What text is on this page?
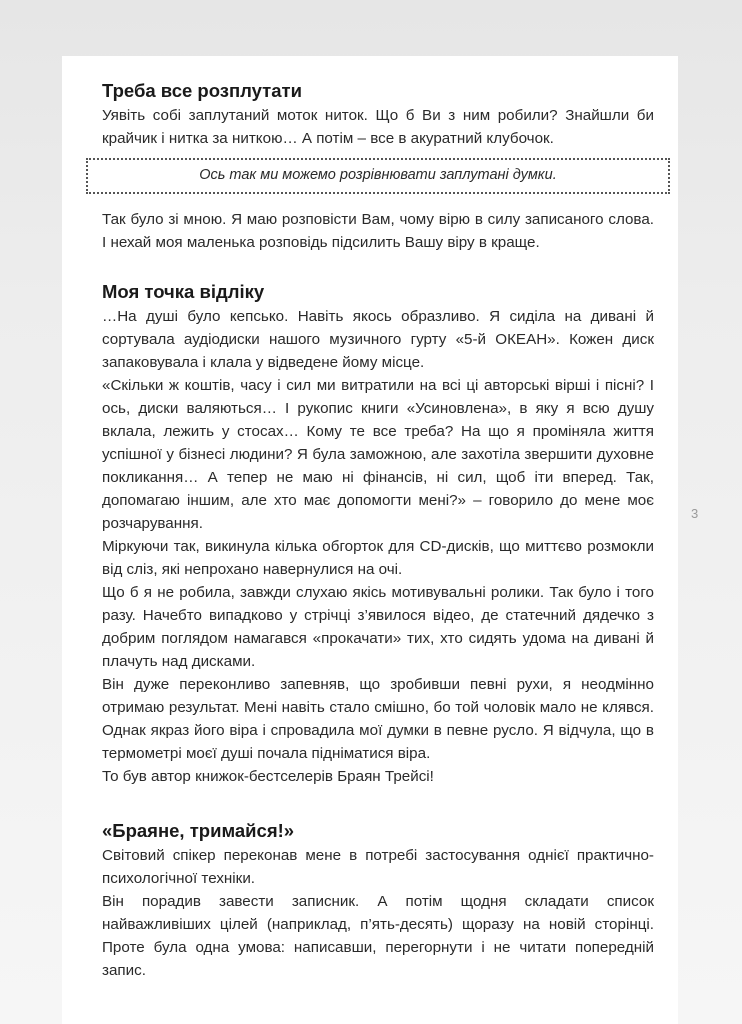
Треба все розплутати

Уявіть собі заплутаний моток ниток. Що б Ви з ним робили? Знайшли би крайчик і нитка за ниткою… А потім – все в акуратний клубочок.

Ось так ми можемо розрівнювати заплутані думки.

Так було зі мною. Я маю розповісти Вам, чому вірю в силу записаного слова. І нехай моя маленька розповідь підсилить Вашу віру в краще.

Моя точка відліку

…На душі було кепсько. Навіть якось образливо. Я сиділа на дивані й сортувала аудіодиски нашого музичного гурту «5-й ОКЕАН». Кожен диск запаковувала і клала у відведене йому місце.

«Скільки ж коштів, часу і сил ми витратили на всі ці авторські вірші і пісні? І ось, диски валяються… І рукопис книги «Усиновлена», в яку я всю душу вклала, лежить у стосах… Кому те все треба? На що я проміняла життя успішної у бізнесі людини? Я була заможною, але захотіла звершити духовне покликання… А тепер не маю ні фінансів, ні сил, щоб іти вперед. Так, допомагаю іншим, але хто має допомогти мені?» – говорило до мене моє розчарування.

Міркуючи так, викинула кілька обгорток для CD-дисків, що миттєво розмокли від сліз, які непрохано навернулися на очі.

Що б я не робила, завжди слухаю якісь мотивувальні ролики. Так було і того разу. Начебто випадково у стрічці з’явилося відео, де статечний дядечко з добрим поглядом намагався «прокачати» тих, хто сидять удома на дивані й плачуть над дисками.

Він дуже переконливо запевняв, що зробивши певні рухи, я неодмінно отримаю результат. Мені навіть стало смішно, бо той чоловік мало не клявся. Однак якраз його віра і спровадила мої думки в певне русло. Я відчула, що в термометрі моєї душі почала підніматися віра.

То був автор книжок-бестселерів Браян Трейсі!

«Браяне, тримайся!»

Світовий спікер переконав мене в потребі застосування однієї практично-психологічної техніки.

Він порадив завести записник. А потім щодня складати список найважливіших цілей (наприклад, п’ять-десять) щоразу на новій сторінці. Проте була одна умова: написавши, перегорнути і не читати попередній запис.

3
